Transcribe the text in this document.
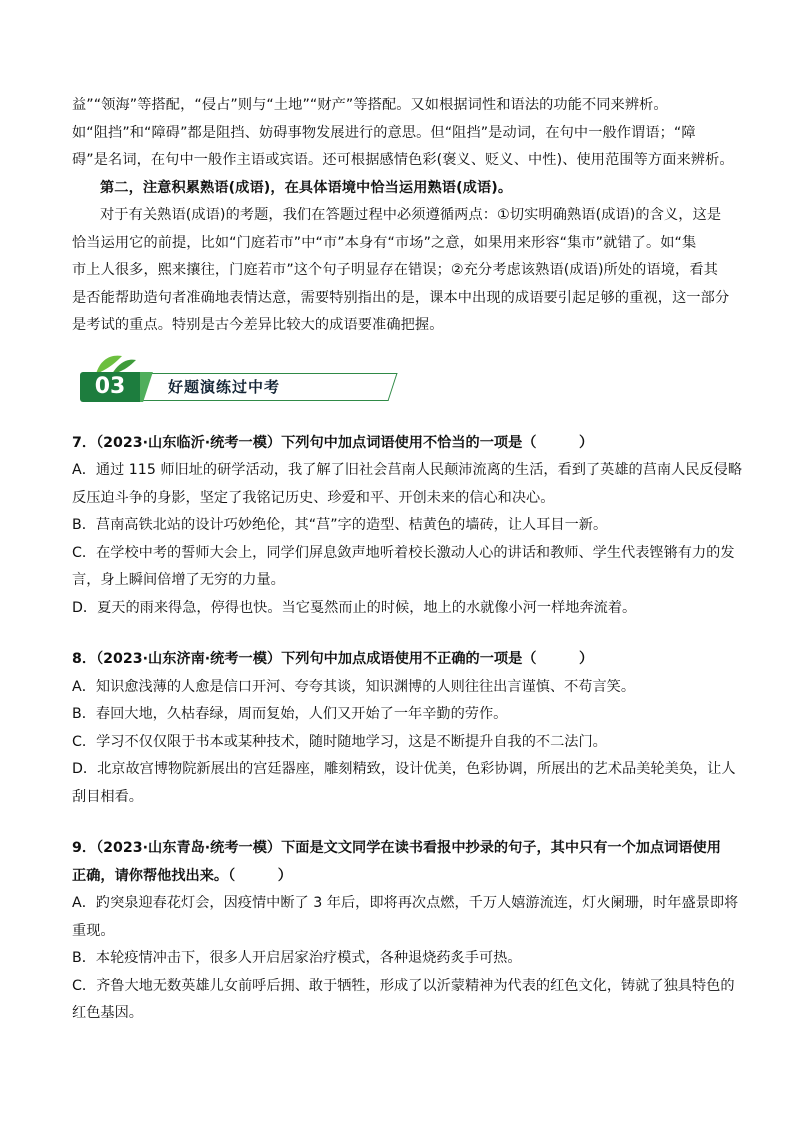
益”“领海”等搭配，“侵占”则与“土地”“财产”等搭配。又如根据词性和语法的功能不同来辨析。

如“阻挡”和“障碍”都是阻挡、妨碍事物发展进行的意思。但“阻挡”是动词，在句中一般作谓语；“障

碍”是名词，在句中一般作主语或宾语。还可根据感情色彩(褒义、贬义、中性)、使用范围等方面来辨析。

第二，注意积累熟语(成语)，在具体语境中恰当运用熟语(成语)。

对于有关熟语(成语)的考题，我们在答题过程中必须遵循两点：①切实明确熟语(成语)的含义，这是

恰当运用它的前提，比如“门庭若市”中“市”本身有“市场”之意，如果用来形容“集市”就错了。如“集

市上人很多，熙来攘往，门庭若市”这个句子明显存在错误；②充分考虑该熟语(成语)所处的语境，看其

是否能帮助造句者准确地表情达意，需要特别指出的是，课本中出现的成语要引起足够的重视，这一部分

是考试的重点。特别是古今差异比较大的成语要准确把握。

03	好题演练过中考

7．（2023·山东临沂·统考一模）下列句中加点词语使用不恰当的一项是（　　　）

A．通过 115 师旧址的研学活动，我了解了旧社会莒南人民颠沛流离的生活，看到了英雄的莒南人民反侵略

反压迫斗争的身影，坚定了我铭记历史、珍爱和平、开创未来的信心和决心。

B．莒南高铁北站的设计巧妙绝伦，其“莒”字的造型、桔黄色的墙砖，让人耳目一新。

C．在学校中考的誓师大会上，同学们屏息敛声地听着校长激动人心的讲话和教师、学生代表铿锵有力的发

言，身上瞬间倍增了无穷的力量。

D．夏天的雨来得急，停得也快。当它戛然而止的时候，地上的水就像小河一样地奔流着。

8．（2023·山东济南·统考一模）下列句中加点成语使用不正确的一项是（　　　）

A．知识愈浅薄的人愈是信口开河、夸夸其谈，知识渊博的人则往往出言谨慎、不苟言笑。

B．春回大地，久枯春绿，周而复始，人们又开始了一年辛勤的劳作。

C．学习不仅仅限于书本或某种技术，随时随地学习，这是不断提升自我的不二法门。

D．北京故宫博物院新展出的宫廷器座，雕刻精致，设计优美，色彩协调，所展出的艺术品美轮美奂，让人

刮目相看。

9．（2023·山东青岛·统考一模）下面是文文同学在读书看报中抄录的句子，其中只有一个加点词语使用

正确，请你帮他找出来。（　　　）

A．趵突泉迎春花灯会，因疫情中断了 3 年后，即将再次点燃，千万人嬉游流连，灯火阑珊，时年盛景即将

重现。

B．本轮疫情冲击下，很多人开启居家治疗模式，各种退烧药炙手可热。

C．齐鲁大地无数英雄儿女前呼后拥、敢于牺牲，形成了以沂蒙精神为代表的红色文化，铸就了独具特色的

红色基因。
